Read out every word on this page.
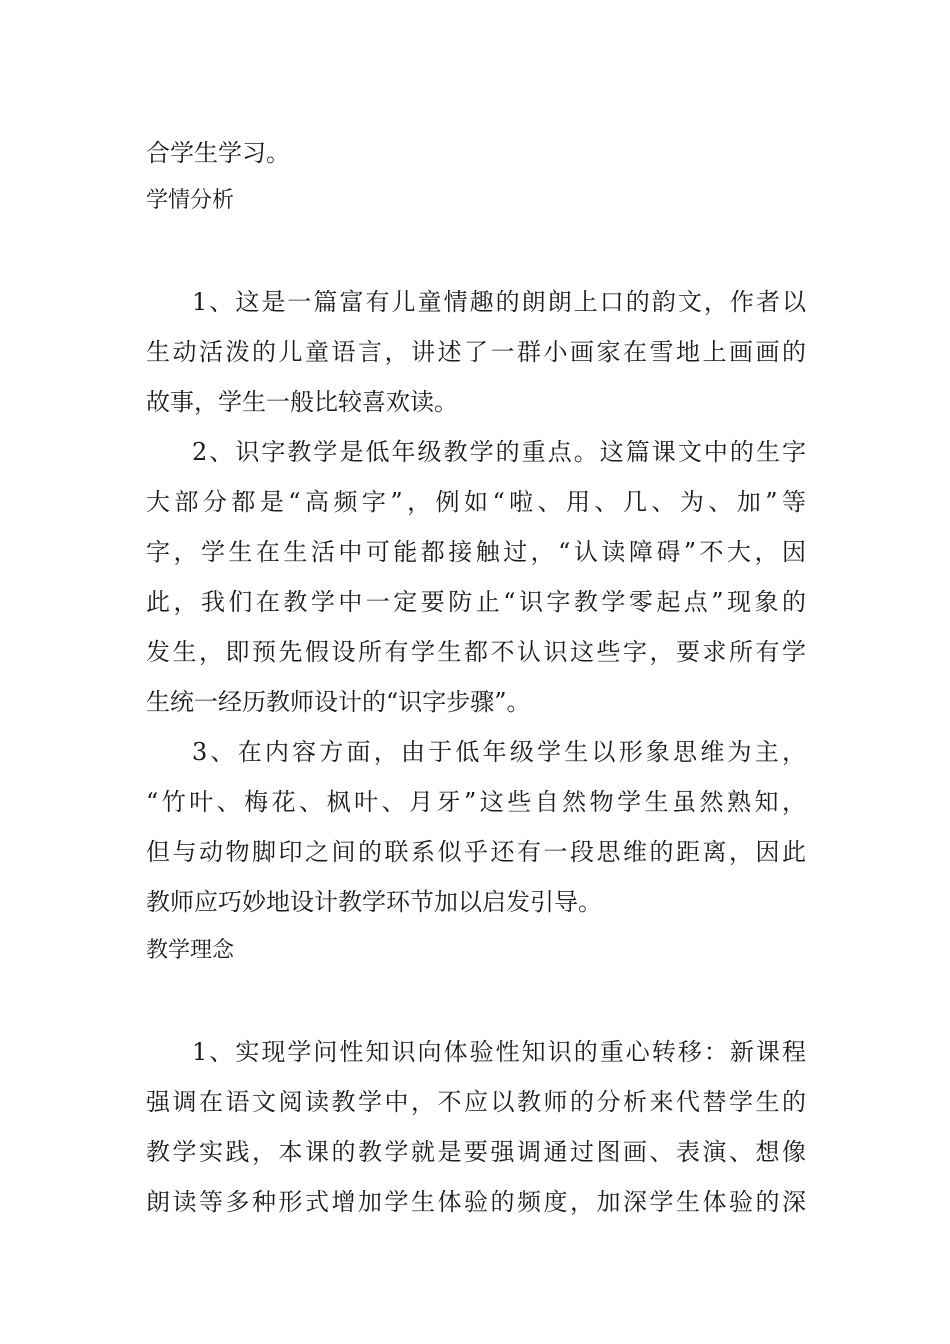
合学生学习。
学情分析
1、这是一篇富有儿童情趣的朗朗上口的韵文，作者以
生动活泼的儿童语言，讲述了一群小画家在雪地上画画的
故事，学生一般比较喜欢读。
2、识字教学是低年级教学的重点。这篇课文中的生字
大部分都是“高频字”，例如“啦、用、几、为、加”等
字，学生在生活中可能都接触过，“认读障碍”不大，因
此，我们在教学中一定要防止“识字教学零起点”现象的
发生，即预先假设所有学生都不认识这些字，要求所有学
生统一经历教师设计的“识字步骤”。
3、在内容方面，由于低年级学生以形象思维为主，
“竹叶、梅花、枫叶、月牙”这些自然物学生虽然熟知，
但与动物脚印之间的联系似乎还有一段思维的距离，因此
教师应巧妙地设计教学环节加以启发引导。
教学理念
1、实现学问性知识向体验性知识的重心转移：新课程
强调在语文阅读教学中，不应以教师的分析来代替学生的
教学实践，本课的教学就是要强调通过图画、表演、想像
朗读等多种形式增加学生体验的频度，加深学生体验的深
